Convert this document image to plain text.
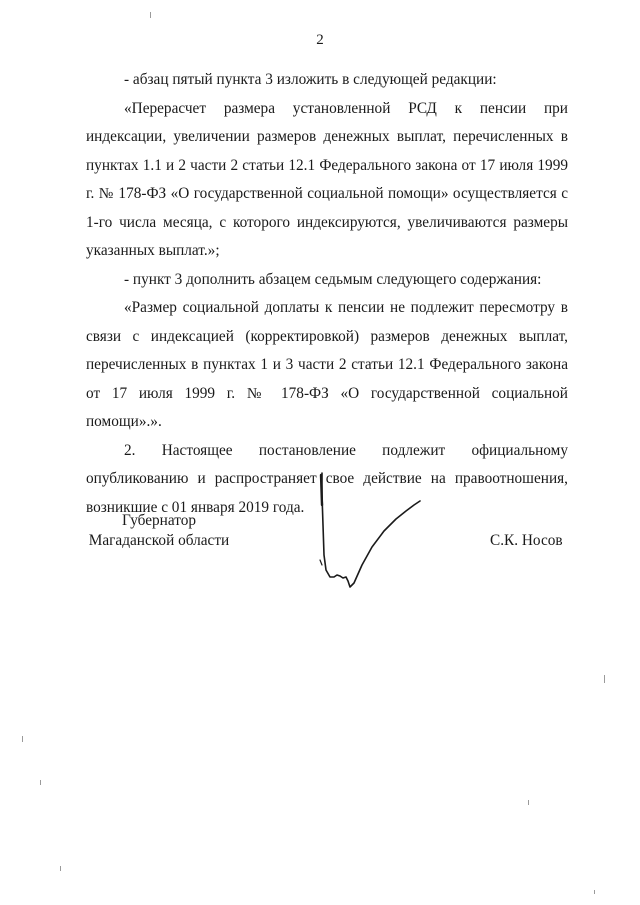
2

- абзац пятый пункта 3 изложить в следующей редакции:

«Перерасчет размера установленной РСД к пенсии при индексации, увеличении размеров денежных выплат, перечисленных в пунктах 1.1 и 2 части 2 статьи 12.1 Федерального закона от 17 июля 1999 г. № 178-ФЗ «О государственной социальной помощи» осуществляется с 1-го числа месяца, с которого индексируются, увеличиваются размеры указанных выплат.»;

- пункт 3 дополнить абзацем седьмым следующего содержания:

«Размер социальной доплаты к пенсии не подлежит пересмотру в связи с индексацией (корректировкой) размеров денежных выплат, перечисленных в пунктах 1 и 3 части 2 статьи 12.1 Федерального закона от 17 июля 1999 г. № 178-ФЗ «О государственной социальной помощи».».

2. Настоящее постановление подлежит официальному опубликованию и распространяет свое действие на правоотношения, возникшие с 01 января 2019 года.

Губернатор
Магаданской области	С.К. Носов
